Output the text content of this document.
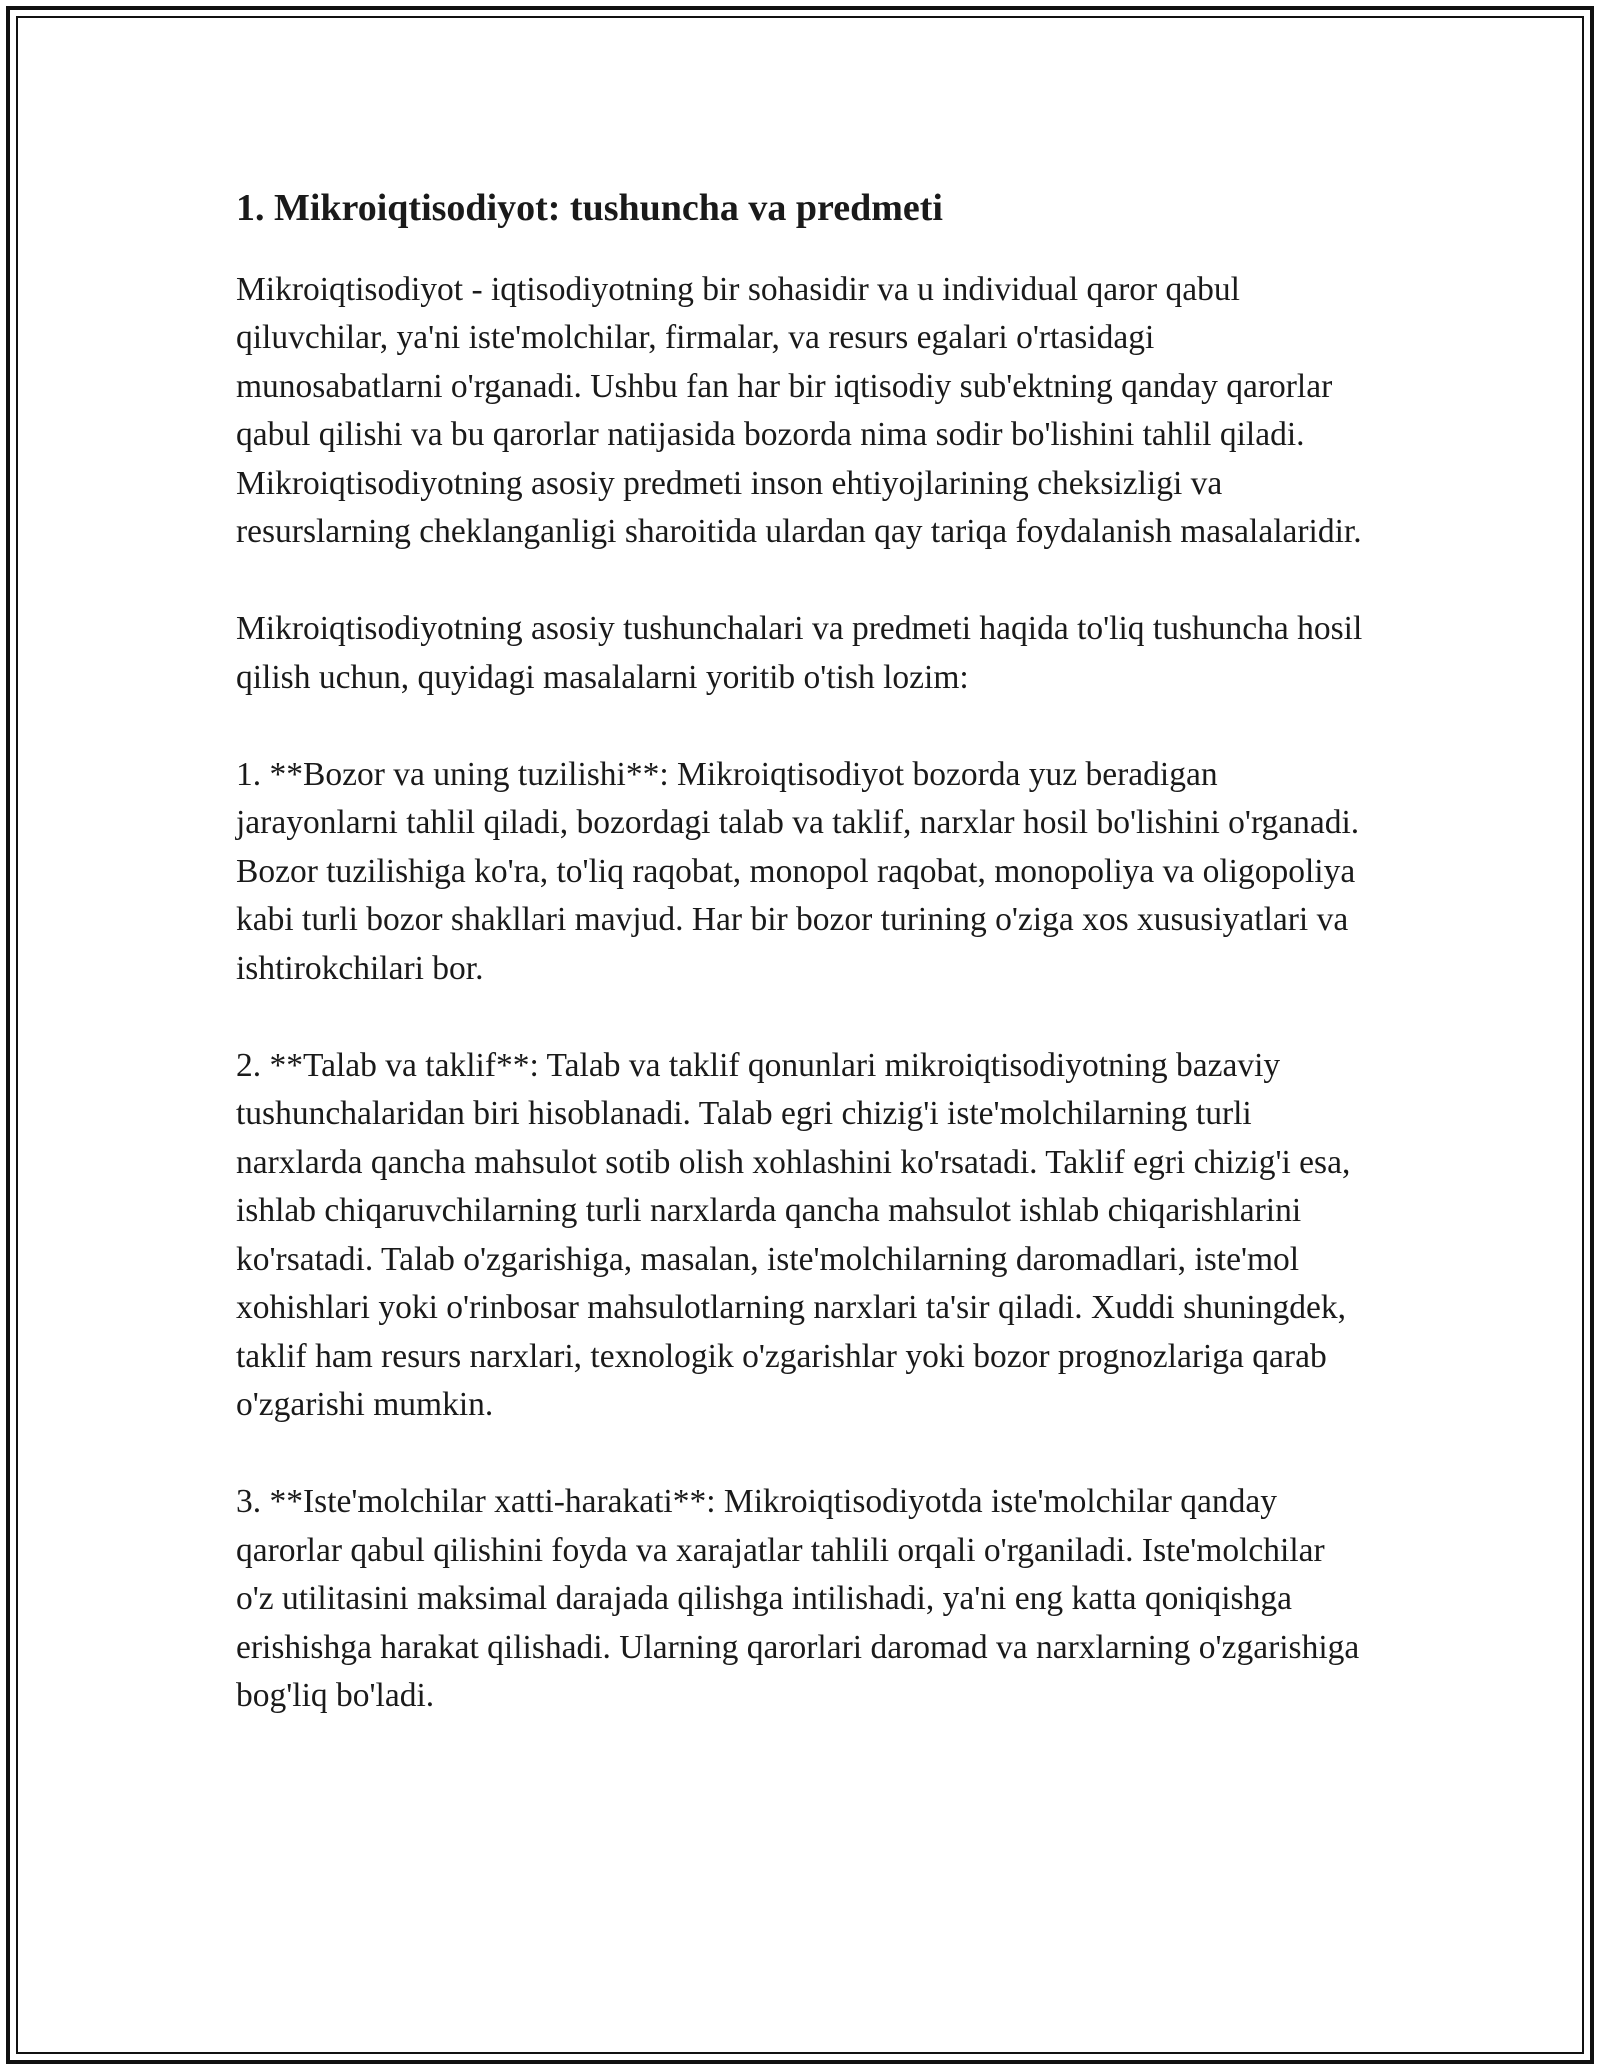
1. Mikroiqtisodiyot: tushuncha va predmeti

Mikroiqtisodiyot - iqtisodiyotning bir sohasidir va u individual qaror qabul qiluvchilar, ya'ni iste'molchilar, firmalar, va resurs egalari o'rtasidagi munosabatlarni o'rganadi. Ushbu fan har bir iqtisodiy sub'ektning qanday qarorlar qabul qilishi va bu qarorlar natijasida bozorda nima sodir bo'lishini tahlil qiladi. Mikroiqtisodiyotning asosiy predmeti inson ehtiyojlarining cheksizligi va resurslarning cheklanganligi sharoitida ulardan qay tariqa foydalanish masalalaridir.

Mikroiqtisodiyotning asosiy tushunchalari va predmeti haqida to'liq tushuncha hosil qilish uchun, quyidagi masalalarni yoritib o'tish lozim:

1. **Bozor va uning tuzilishi**: Mikroiqtisodiyot bozorda yuz beradigan jarayonlarni tahlil qiladi, bozordagi talab va taklif, narxlar hosil bo'lishini o'rganadi. Bozor tuzilishiga ko'ra, to'liq raqobat, monopol raqobat, monopoliya va oligopoliya kabi turli bozor shakllari mavjud. Har bir bozor turining o'ziga xos xususiyatlari va ishtirokchilari bor.

2. **Talab va taklif**: Talab va taklif qonunlari mikroiqtisodiyotning bazaviy tushunchalaridan biri hisoblanadi. Talab egri chizig'i iste'molchilarning turli narxlarda qancha mahsulot sotib olish xohlashini ko'rsatadi. Taklif egri chizig'i esa, ishlab chiqaruvchilarning turli narxlarda qancha mahsulot ishlab chiqarishlarini ko'rsatadi. Talab o'zgarishiga, masalan, iste'molchilarning daromadlari, iste'mol xohishlari yoki o'rinbosar mahsulotlarning narxlari ta'sir qiladi. Xuddi shuningdek, taklif ham resurs narxlari, texnologik o'zgarishlar yoki bozor prognozlariga qarab o'zgarishi mumkin.

3. **Iste'molchilar xatti-harakati**: Mikroiqtisodiyotda iste'molchilar qanday qarorlar qabul qilishini foyda va xarajatlar tahlili orqali o'rganiladi. Iste'molchilar o'z utilitasini maksimal darajada qilishga intilishadi, ya'ni eng katta qoniqishga erishishga harakat qilishadi. Ularning qarorlari daromad va narxlarning o'zgarishiga bog'liq bo'ladi.
